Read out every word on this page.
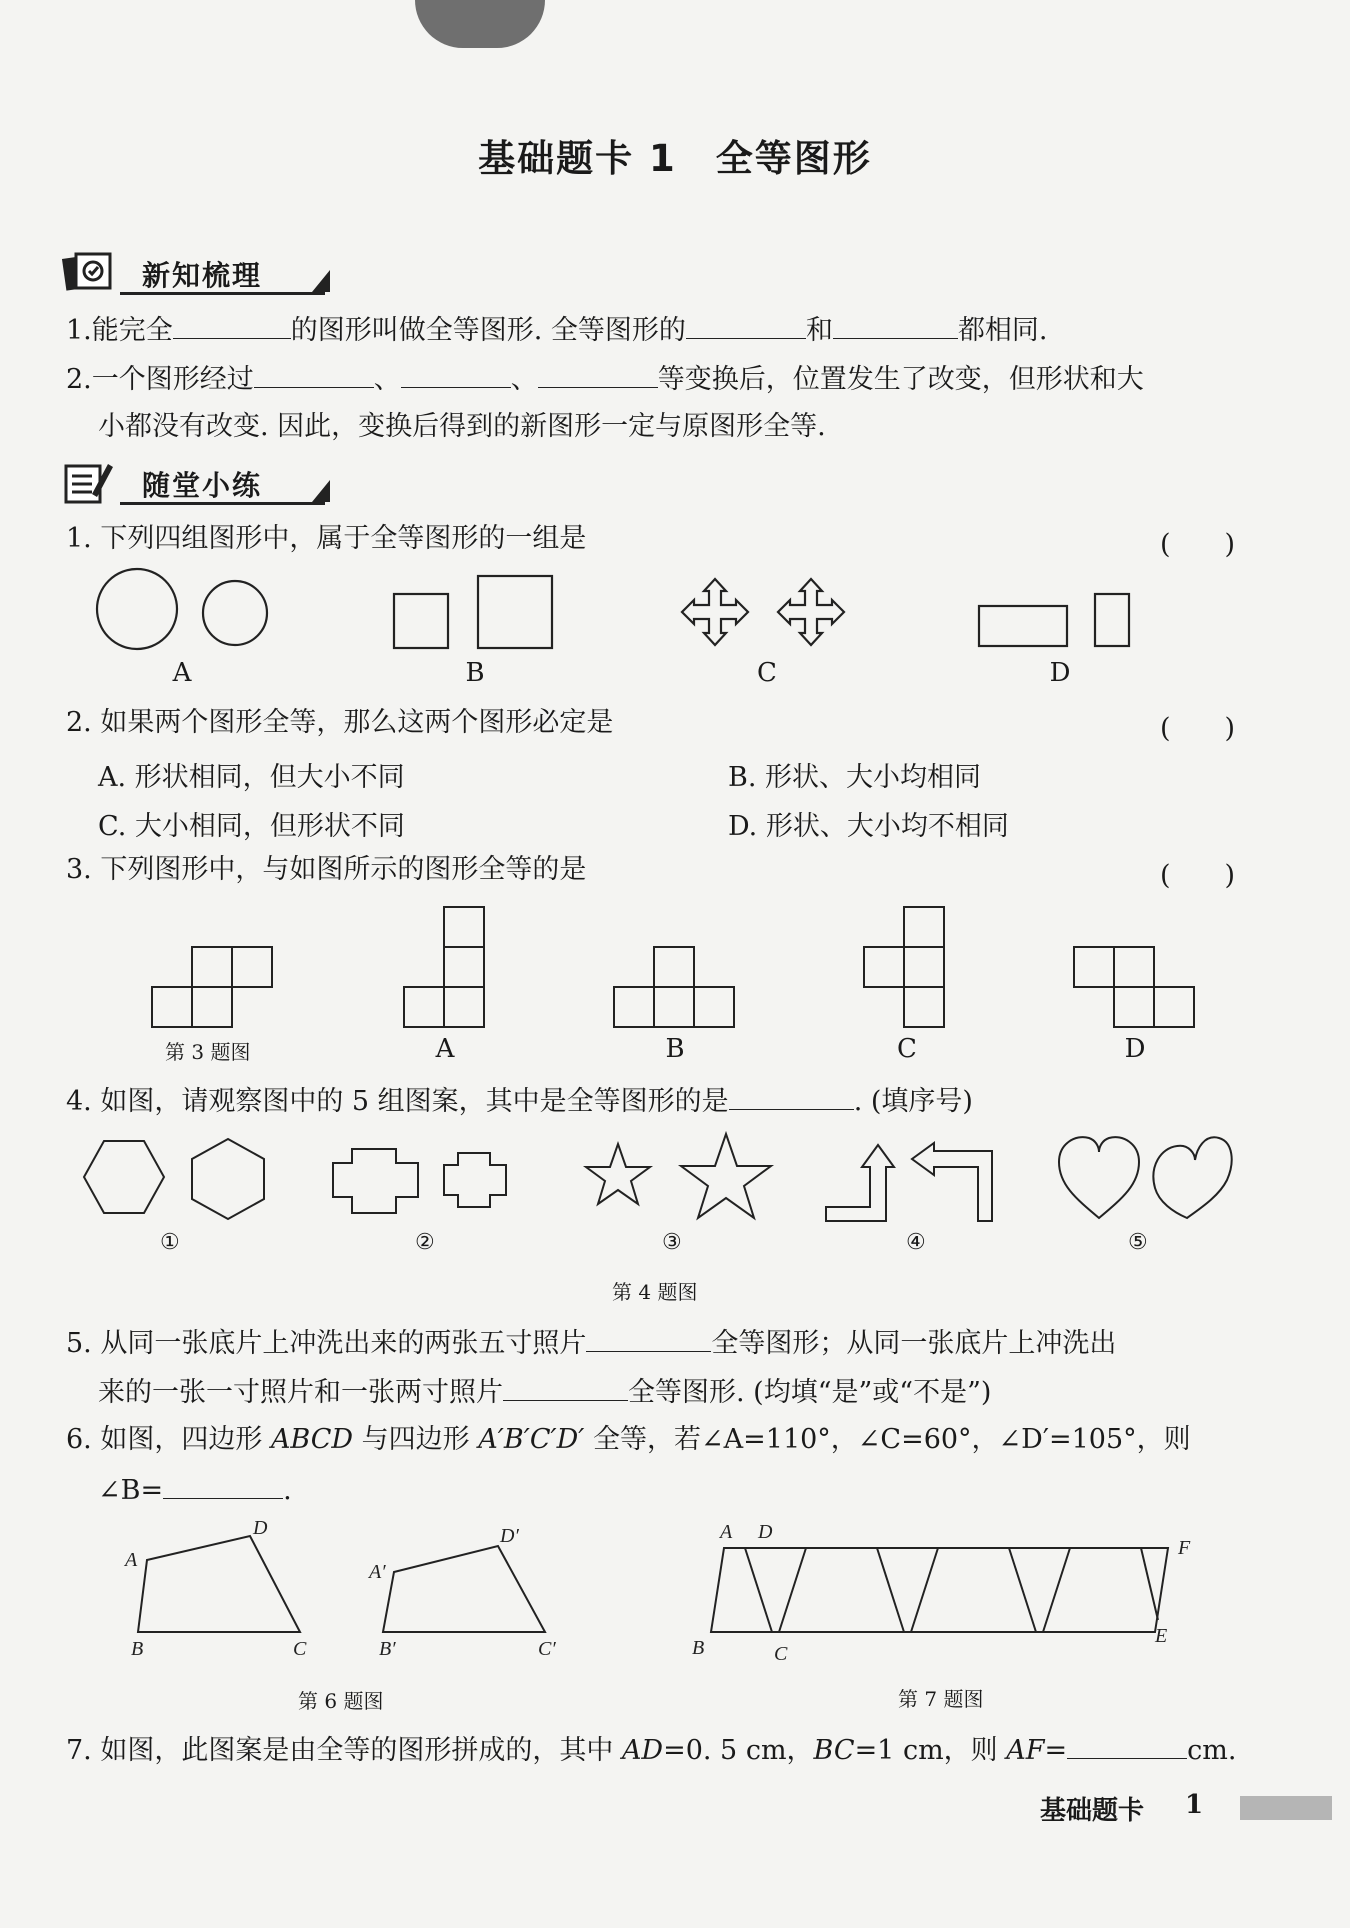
基础题卡 1　全等图形
新知梳理
1.能完全	的图形叫做全等图形. 全等图形的	和	都相同.
2.一个图形经过	、	、	等变换后，位置发生了改变，但形状和大
小都没有改变. 因此，变换后得到的新图形一定与原图形全等.
随堂小练
1. 下列四组图形中，属于全等图形的一组是	(　　)
A	B	C	D
2. 如果两个图形全等，那么这两个图形必定是	(　　)
A. 形状相同，但大小不同	B. 形状、大小均相同
C. 大小相同，但形状不同	D. 形状、大小均不相同
3. 下列图形中，与如图所示的图形全等的是	(　　)
第 3 题图	A	B	C	D
4. 如图，请观察图中的 5 组图案，其中是全等图形的是	. (填序号)
①	②	③	④	⑤
第 4 题图
5. 从同一张底片上冲洗出来的两张五寸照片	全等图形；从同一张底片上冲洗出
来的一张一寸照片和一张两寸照片	全等图形. (均填“是”或“不是”)
6. 如图，四边形 ABCD 与四边形 A′B′C′D′ 全等，若∠A=110°，∠C=60°，∠D′=105°，则
∠B=	.
A
D
B	C
A′
D′
B′	C′
第 6 题图
A D
F
B	C
E
第 7 题图
7. 如图，此图案是由全等的图形拼成的，其中 AD=0. 5 cm，BC=1 cm，则 AF=	cm.
基础题卡 1
